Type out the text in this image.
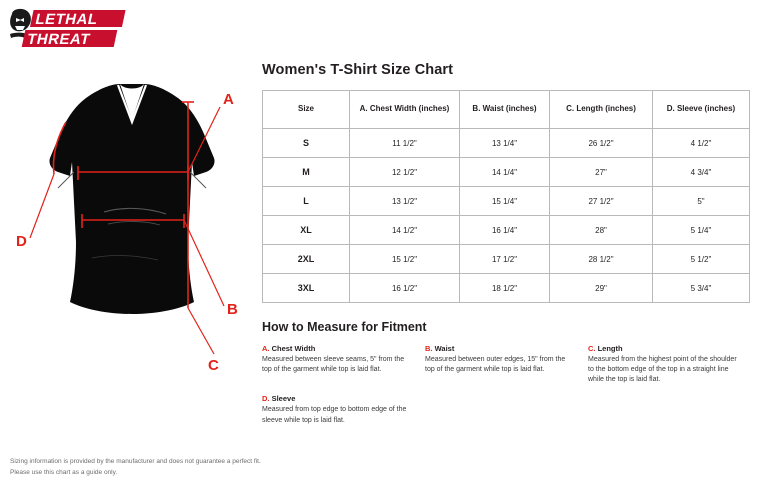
LETHAL
THREAT
A
B
C
D
Women's T-Shirt Size Chart
Size	A. Chest Width (inches)	B. Waist (inches)	C. Length (inches)	D. Sleeve (inches)
S	11 1/2"	13 1/4"	26 1/2"	4 1/2"
M	12 1/2"	14 1/4"	27"	4 3/4"
L	13 1/2"	15 1/4"	27 1/2"	5"
XL	14 1/2"	16 1/4"	28"	5 1/4"
2XL	15 1/2"	17 1/2"	28 1/2"	5 1/2"
3XL	16 1/2"	18 1/2"	29"	5 3/4"
How to Measure for Fitment
A. Chest Width
Measured between sleeve seams, 5" from the top of the garment while top is laid flat.
B. Waist
Measured between outer edges, 15" from the top of the garment while top is laid flat.
C. Length
Measured from the highest point of the shoulder to the bottom edge of the top in a straight line while the top is laid flat.
D. Sleeve
Measured from top edge to bottom edge of the sleeve while top is laid flat.
Sizing information is provided by the manufacturer and does not guarantee a perfect fit.
Please use this chart as a guide only.
